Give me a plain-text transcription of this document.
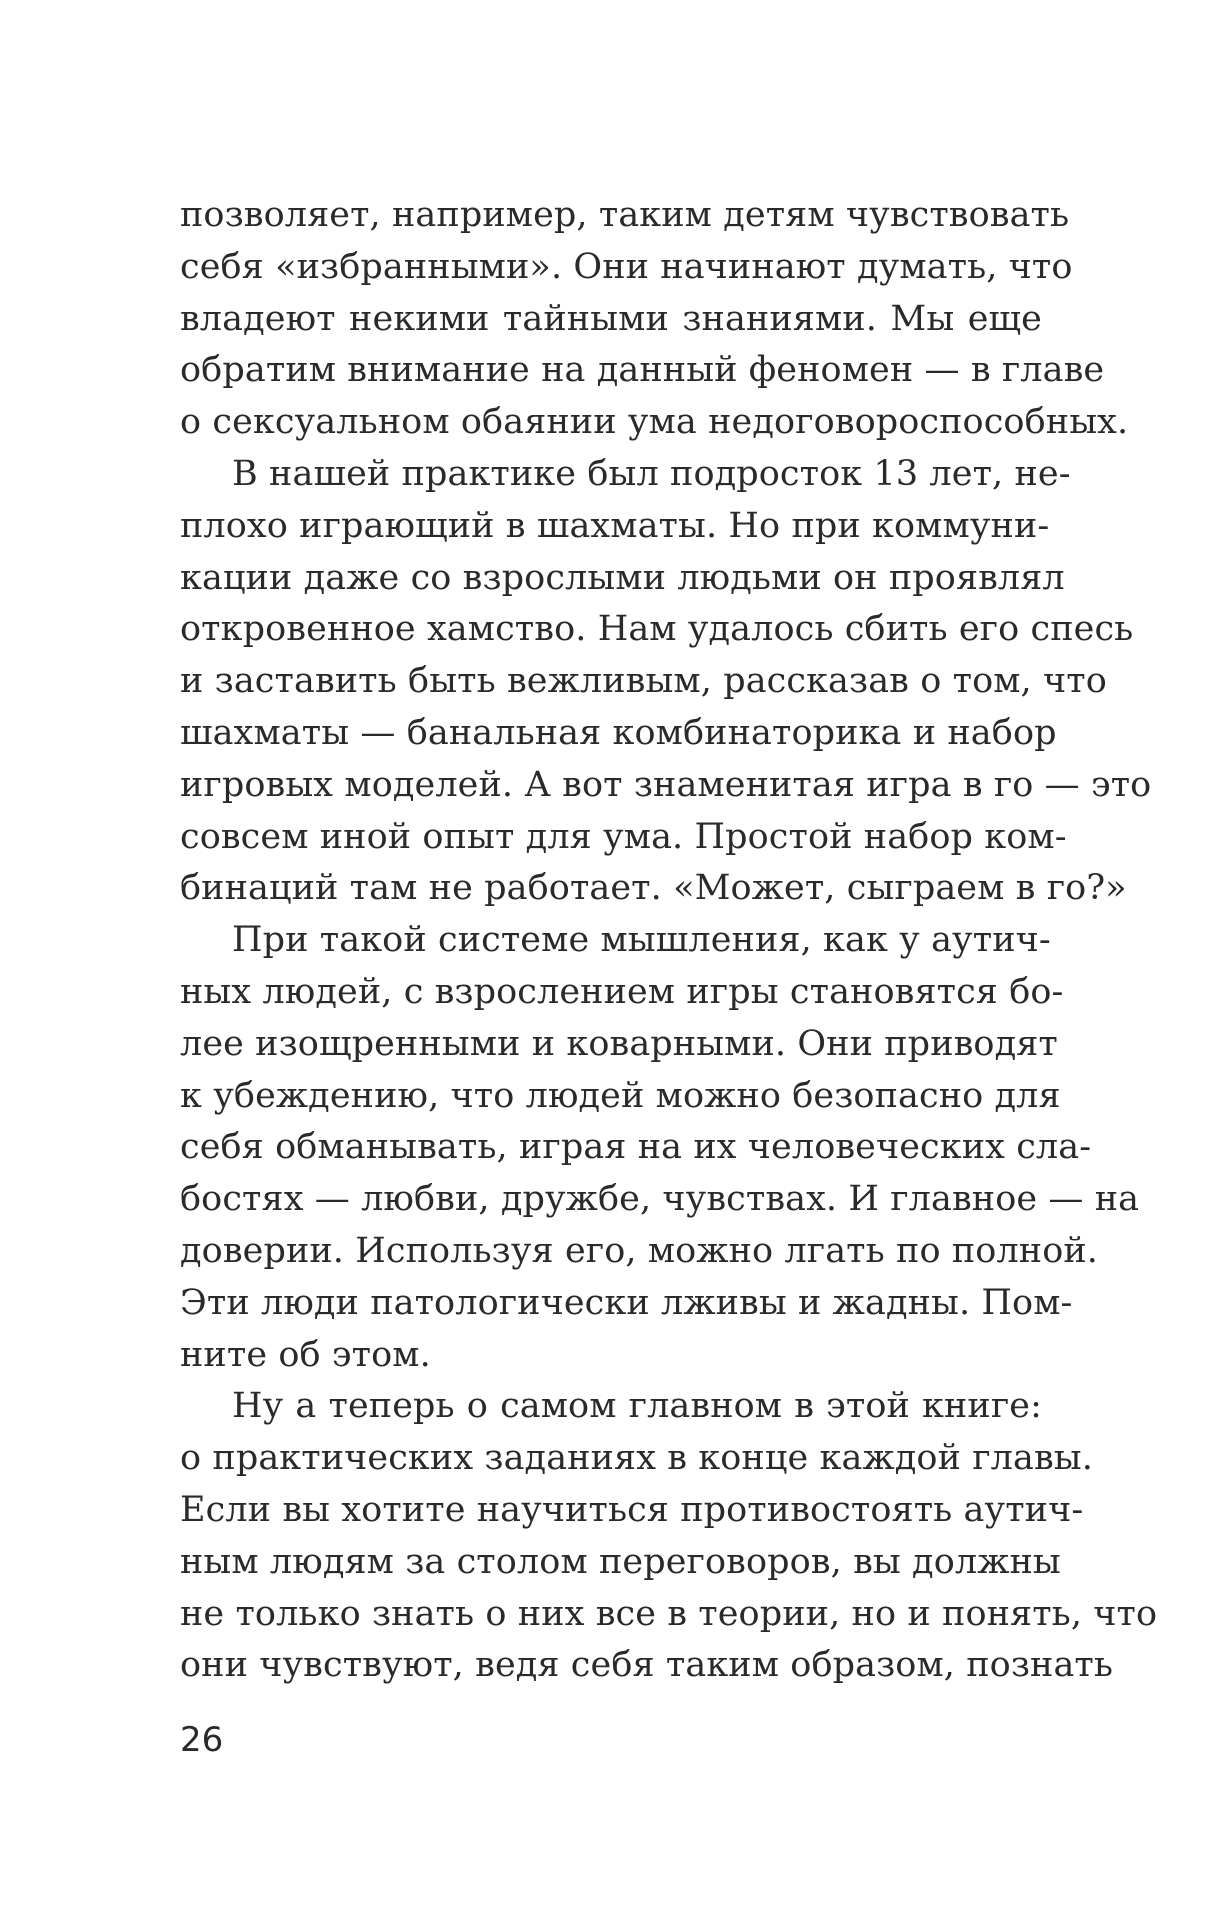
позволяет, например, таким детям чувствовать
себя «избранными». Они начинают думать, что
владеют некими тайными знаниями. Мы еще
обратим внимание на данный феномен — в главе
о сексуальном обаянии ума недоговороспособных.
В нашей практике был подросток 13 лет, не-
плохо играющий в шахматы. Но при коммуни-
кации даже со взрослыми людьми он проявлял
откровенное хамство. Нам удалось сбить его спесь
и заставить быть вежливым, рассказав о том, что
шахматы — банальная комбинаторика и набор
игровых моделей. А вот знаменитая игра в го — это
совсем иной опыт для ума. Простой набор ком-
бинаций там не работает. «Может, сыграем в го?»
При такой системе мышления, как у аутич-
ных людей, с взрослением игры становятся бо-
лее изощренными и коварными. Они приводят
к убеждению, что людей можно безопасно для
себя обманывать, играя на их человеческих сла-
бостях — любви, дружбе, чувствах. И главное — на
доверии. Используя его, можно лгать по полной.
Эти люди патологически лживы и жадны. Пом-
ните об этом.
Ну а теперь о самом главном в этой книге:
о практических заданиях в конце каждой главы.
Если вы хотите научиться противостоять аутич-
ным людям за столом переговоров, вы должны
не только знать о них все в теории, но и понять, что
они чувствуют, ведя себя таким образом, познать
26
